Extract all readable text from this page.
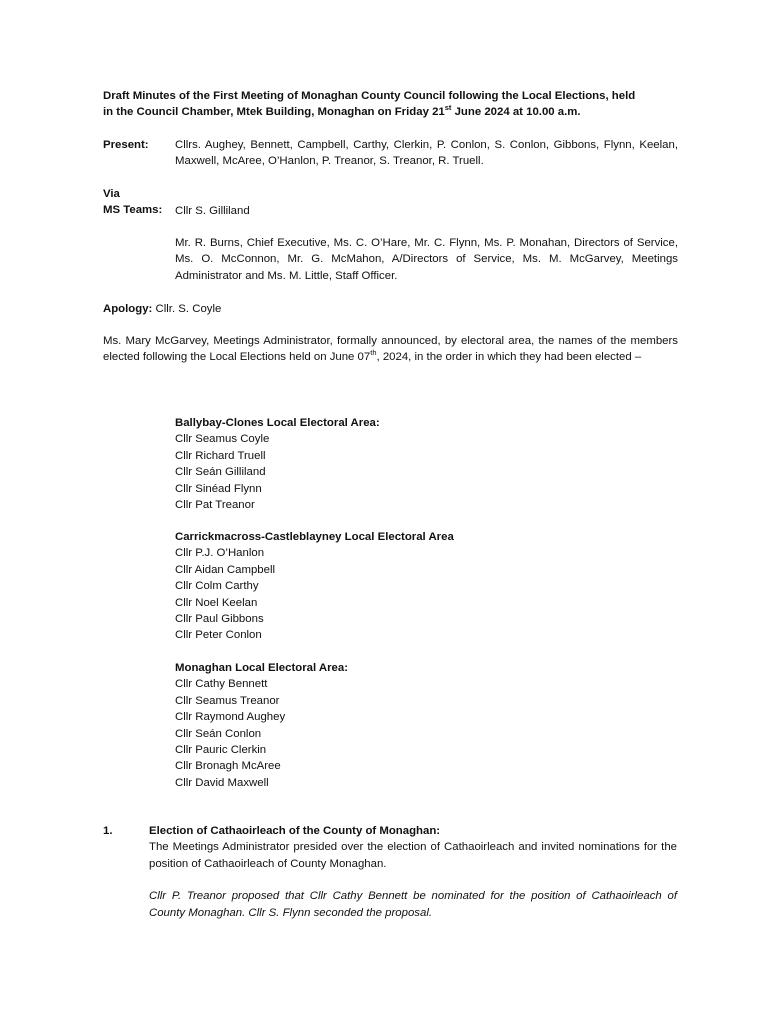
Draft Minutes of the First Meeting of Monaghan County Council following the Local Elections, held
in the Council Chamber, Mtek Building, Monaghan on Friday 21st June 2024 at 10.00 a.m.
Present:	Cllrs. Aughey, Bennett, Campbell, Carthy, Clerkin, P. Conlon, S. Conlon, Gibbons, Flynn, Keelan, Maxwell, McAree, O’Hanlon, P. Treanor, S. Treanor, R. Truell.
Via
MS Teams:	Cllr S. Gilliland
Mr. R. Burns, Chief Executive, Ms. C. O’Hare, Mr. C. Flynn, Ms. P. Monahan, Directors of Service, Ms. O. McConnon, Mr. G. McMahon, A/Directors of Service, Ms. M. McGarvey, Meetings Administrator and Ms. M. Little, Staff Officer.
Apology: Cllr. S. Coyle
Ms. Mary McGarvey, Meetings Administrator, formally announced, by electoral area, the names of the members elected following the Local Elections held on June 07th, 2024, in the order in which they had been elected –
Ballybay-Clones Local Electoral Area:
Cllr Seamus Coyle
Cllr Richard Truell
Cllr Seán Gilliland
Cllr Sinéad Flynn
Cllr Pat Treanor
Carrickmacross-Castleblayney Local Electoral Area
Cllr P.J. O’Hanlon
Cllr Aidan Campbell
Cllr Colm Carthy
Cllr Noel Keelan
Cllr Paul Gibbons
Cllr Peter Conlon
Monaghan Local Electoral Area:
Cllr Cathy Bennett
Cllr Seamus Treanor
Cllr Raymond Aughey
Cllr Seán Conlon
Cllr Pauric Clerkin
Cllr Bronagh McAree
Cllr David Maxwell
1.	Election of Cathaoirleach of the County of Monaghan:
The Meetings Administrator presided over the election of Cathaoirleach and invited nominations for the position of Cathaoirleach of County Monaghan.
Cllr P. Treanor proposed that Cllr Cathy Bennett be nominated for the position of Cathaoirleach of County Monaghan. Cllr S. Flynn seconded the proposal.
